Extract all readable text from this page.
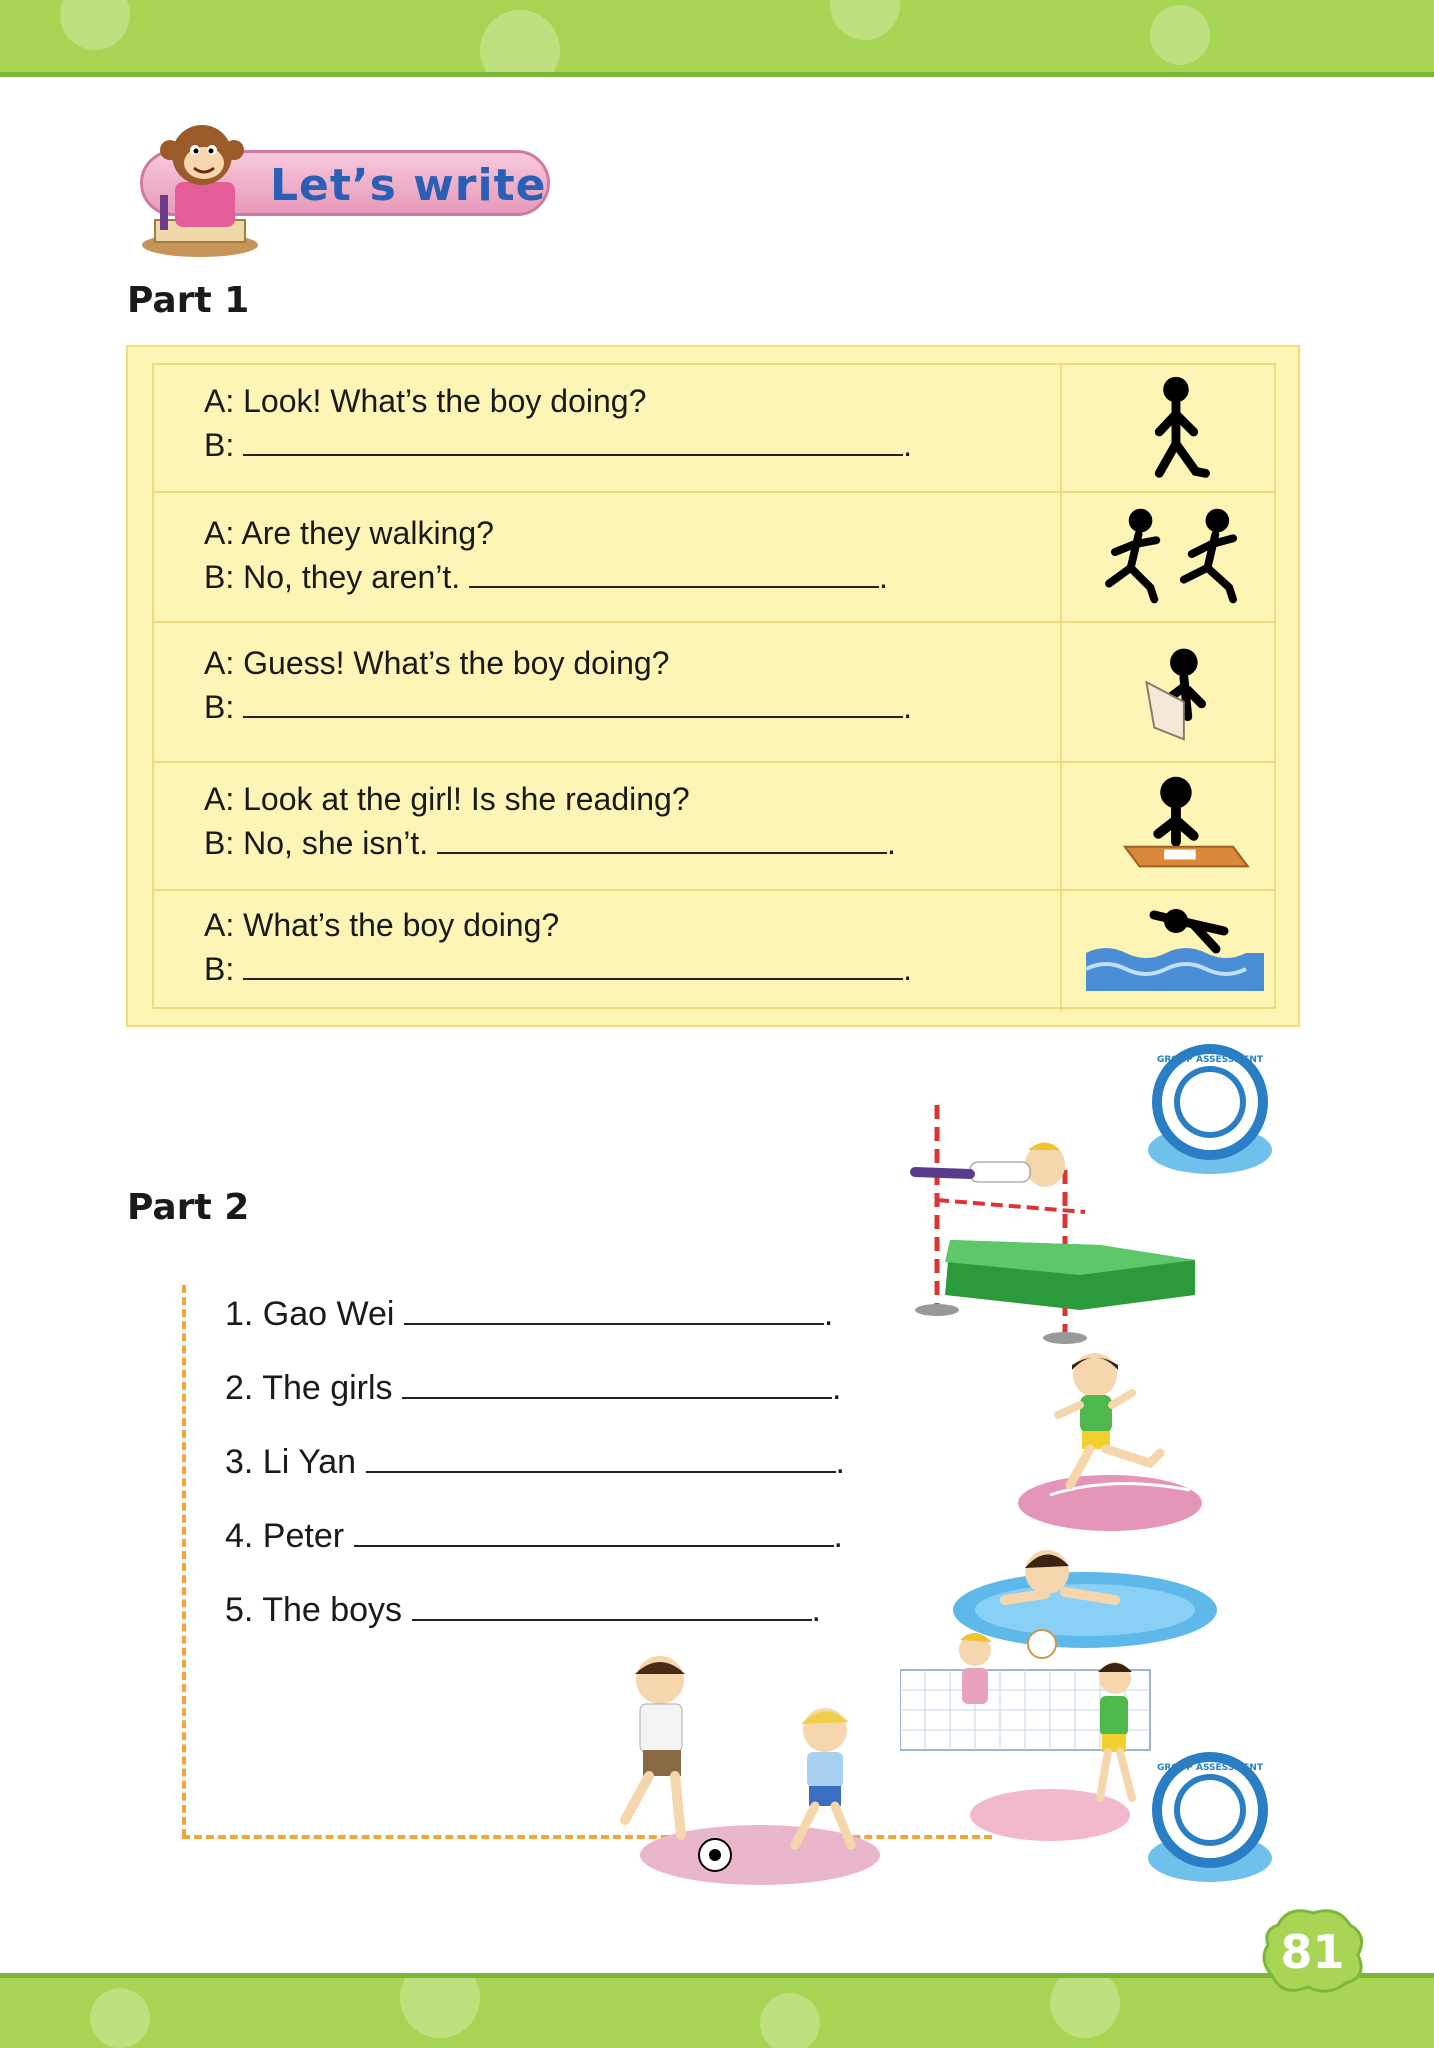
Let’s write
Part 1
A: Look! What’s the boy doing?
B:	.
A: Are they walking?
B: No, they aren’t.	.
A: Guess! What’s the boy doing?
B:	.
A: Look at the girl! Is she reading?
B: No, she isn’t.	.
A: What’s the boy doing?
B:	.
GROUP ASSESSMENT
Part 2
1. Gao Wei	.
2. The girls	.
3. Li Yan	.
4. Peter	.
5. The boys	.
GROUP ASSESSMENT
81
